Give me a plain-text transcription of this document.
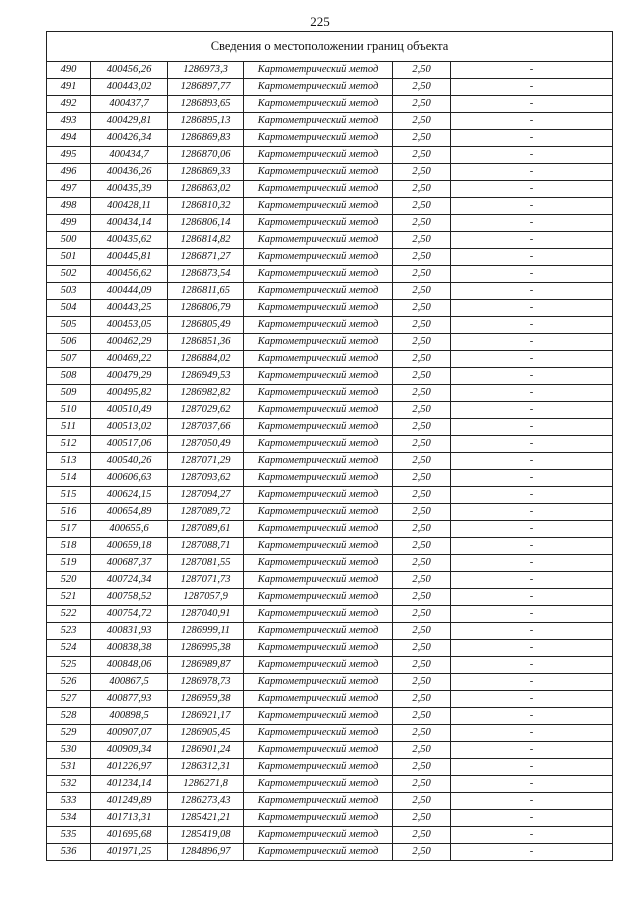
225
Сведения о местоположении границ объекта					
490	400456,26	1286973,3	Картометрический метод	2,50	-
491	400443,02	1286897,77	Картометрический метод	2,50	-
492	400437,7	1286893,65	Картометрический метод	2,50	-
493	400429,81	1286895,13	Картометрический метод	2,50	-
494	400426,34	1286869,83	Картометрический метод	2,50	-
495	400434,7	1286870,06	Картометрический метод	2,50	-
496	400436,26	1286869,33	Картометрический метод	2,50	-
497	400435,39	1286863,02	Картометрический метод	2,50	-
498	400428,11	1286810,32	Картометрический метод	2,50	-
499	400434,14	1286806,14	Картометрический метод	2,50	-
500	400435,62	1286814,82	Картометрический метод	2,50	-
501	400445,81	1286871,27	Картометрический метод	2,50	-
502	400456,62	1286873,54	Картометрический метод	2,50	-
503	400444,09	1286811,65	Картометрический метод	2,50	-
504	400443,25	1286806,79	Картометрический метод	2,50	-
505	400453,05	1286805,49	Картометрический метод	2,50	-
506	400462,29	1286851,36	Картометрический метод	2,50	-
507	400469,22	1286884,02	Картометрический метод	2,50	-
508	400479,29	1286949,53	Картометрический метод	2,50	-
509	400495,82	1286982,82	Картометрический метод	2,50	-
510	400510,49	1287029,62	Картометрический метод	2,50	-
511	400513,02	1287037,66	Картометрический метод	2,50	-
512	400517,06	1287050,49	Картометрический метод	2,50	-
513	400540,26	1287071,29	Картометрический метод	2,50	-
514	400606,63	1287093,62	Картометрический метод	2,50	-
515	400624,15	1287094,27	Картометрический метод	2,50	-
516	400654,89	1287089,72	Картометрический метод	2,50	-
517	400655,6	1287089,61	Картометрический метод	2,50	-
518	400659,18	1287088,71	Картометрический метод	2,50	-
519	400687,37	1287081,55	Картометрический метод	2,50	-
520	400724,34	1287071,73	Картометрический метод	2,50	-
521	400758,52	1287057,9	Картометрический метод	2,50	-
522	400754,72	1287040,91	Картометрический метод	2,50	-
523	400831,93	1286999,11	Картометрический метод	2,50	-
524	400838,38	1286995,38	Картометрический метод	2,50	-
525	400848,06	1286989,87	Картометрический метод	2,50	-
526	400867,5	1286978,73	Картометрический метод	2,50	-
527	400877,93	1286959,38	Картометрический метод	2,50	-
528	400898,5	1286921,17	Картометрический метод	2,50	-
529	400907,07	1286905,45	Картометрический метод	2,50	-
530	400909,34	1286901,24	Картометрический метод	2,50	-
531	401226,97	1286312,31	Картометрический метод	2,50	-
532	401234,14	1286271,8	Картометрический метод	2,50	-
533	401249,89	1286273,43	Картометрический метод	2,50	-
534	401713,31	1285421,21	Картометрический метод	2,50	-
535	401695,68	1285419,08	Картометрический метод	2,50	-
536	401971,25	1284896,97	Картометрический метод	2,50	-
